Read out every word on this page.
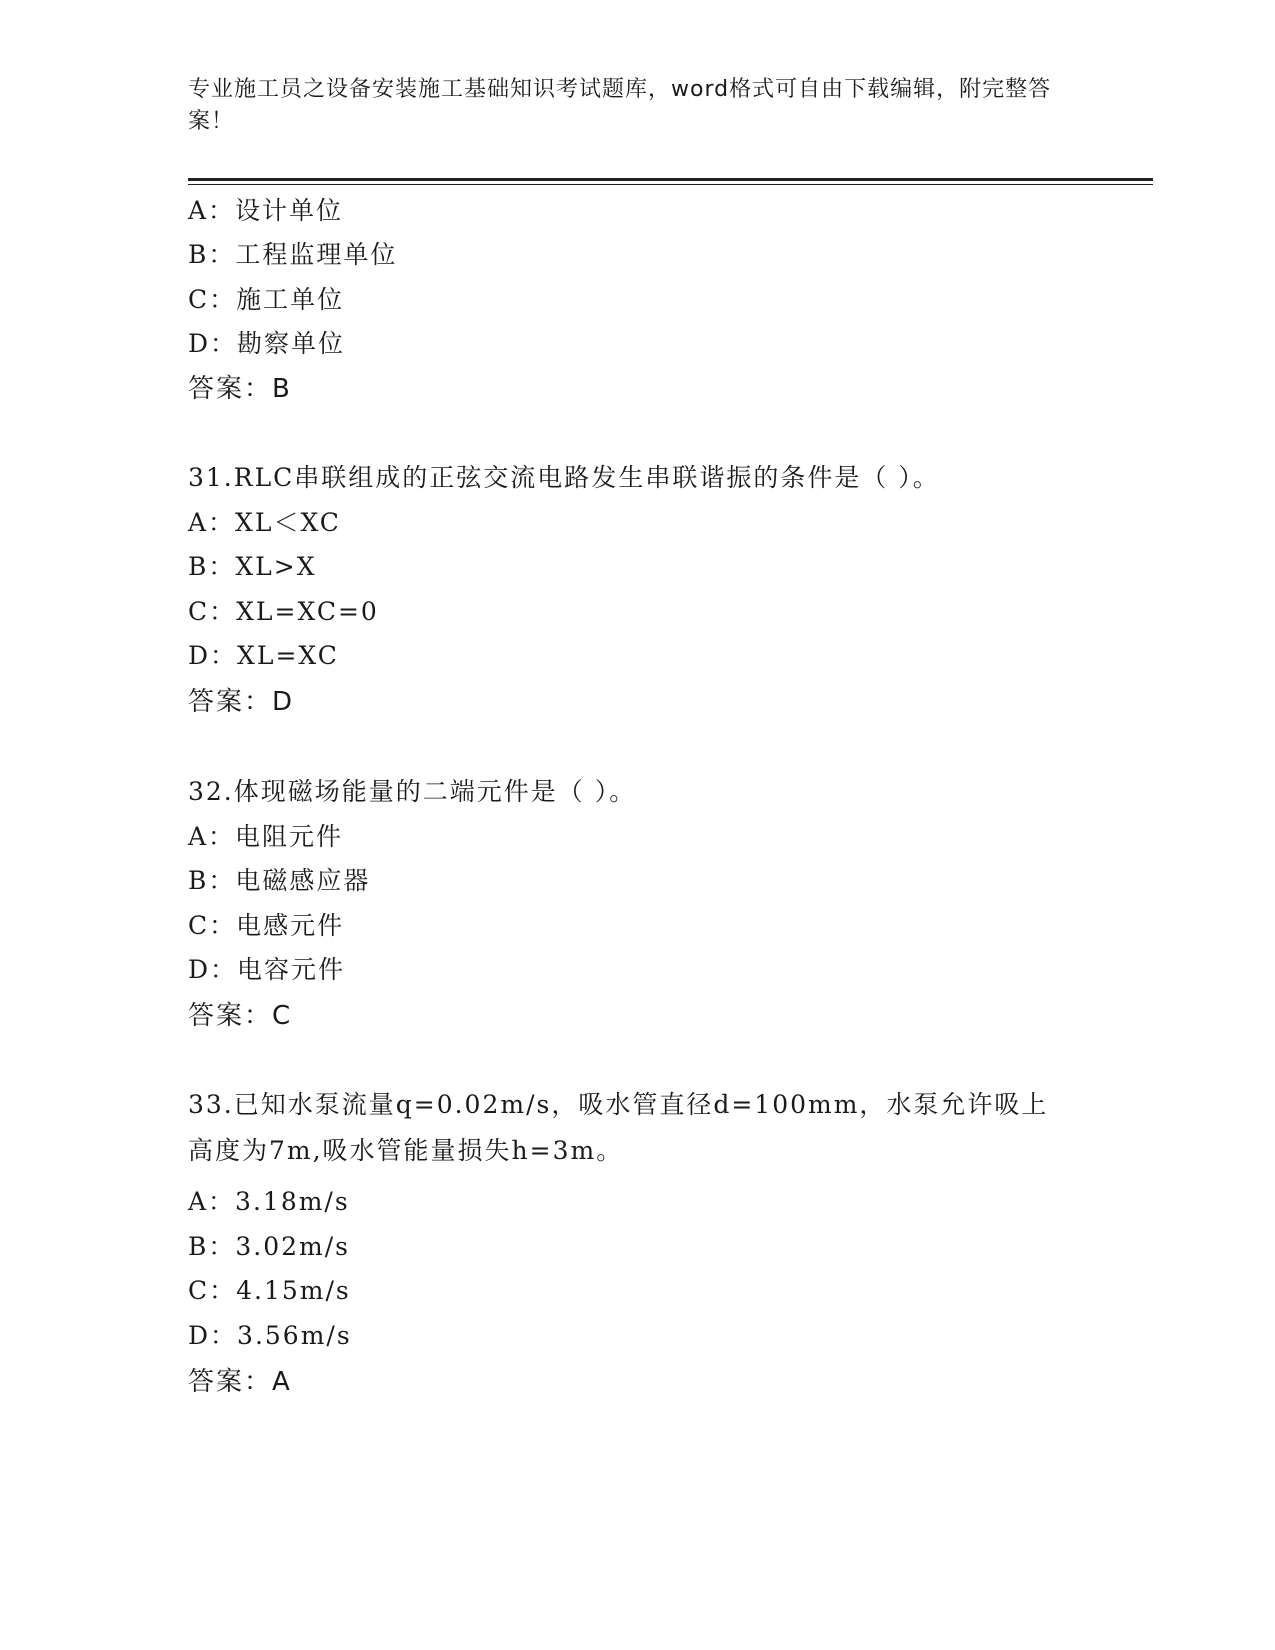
专业施工员之设备安装施工基础知识考试题库，word格式可自由下载编辑，附完整答案！
A：设计单位
B：工程监理单位
C：施工单位
D：勘察单位
答案：B
31.RLC串联组成的正弦交流电路发生串联谐振的条件是（ ）。
A：XL＜XC
B：XL>X
C：XL=XC=0
D：XL=XC
答案：D
32.体现磁场能量的二端元件是（ ）。
A：电阻元件
B：电磁感应器
C：电感元件
D：电容元件
答案：C
33.已知水泵流量q=0.02m/s，吸水管直径d=100mm，水泵允许吸上高度为7m,吸水管能量损失h=3m。
A：3.18m/s
B：3.02m/s
C：4.15m/s
D：3.56m/s
答案：A
